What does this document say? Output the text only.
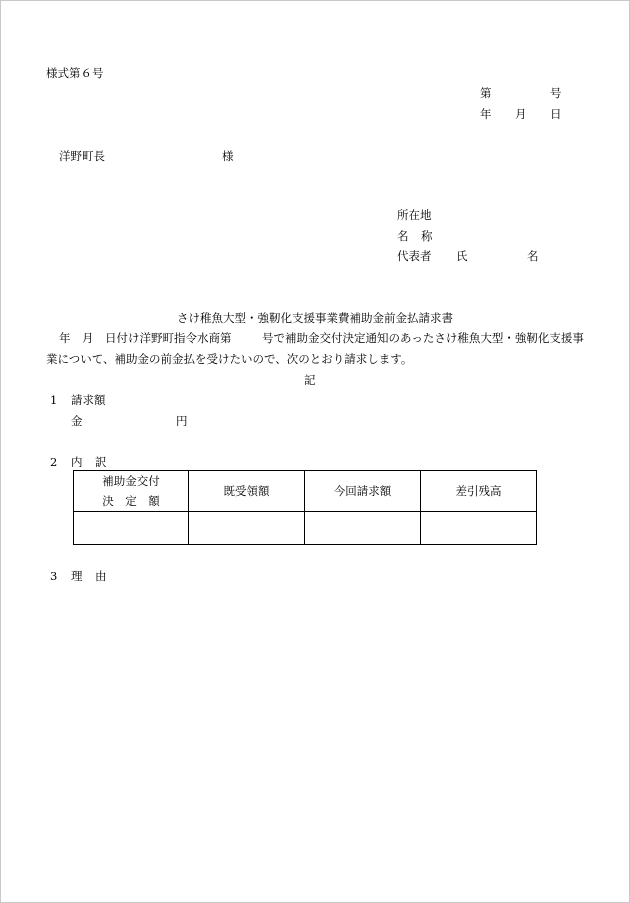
様式第６号
第	号
年 月 日
洋野町長	様
所在地
名 称
代表者 氏	名
さけ稚魚大型・強靭化支援事業費補助金前金払請求書
年 月 日付け洋野町指令水商第	号で補助金交付決定通知のあったさけ稚魚大型・強靭化支援事
業について、補助金の前金払を受けたいので、次のとおり請求します。
記
1 請求額
金	円
2 内 訳
補助金交付
決　定　額	既受領額	今回請求額	差引残高

3 理 由
